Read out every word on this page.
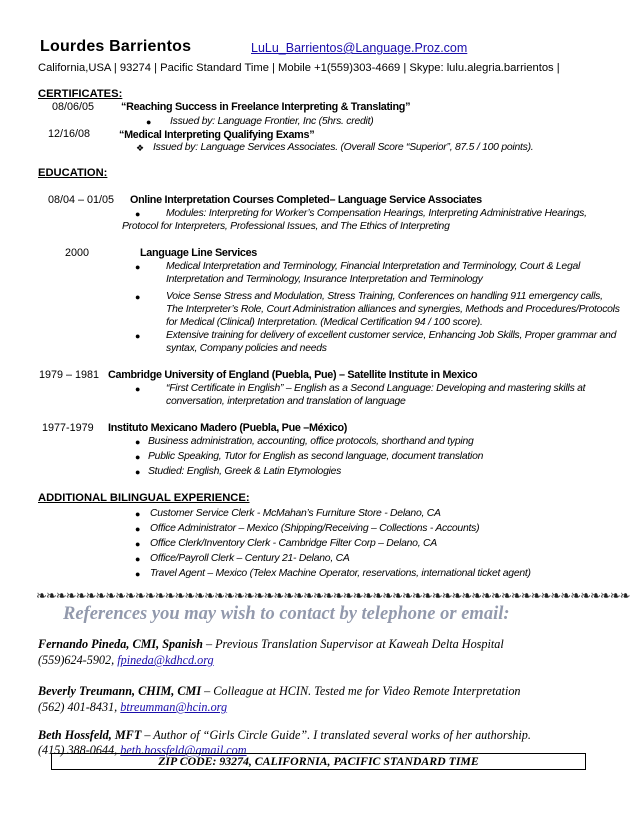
Lourdes Barrientos	LuLu_Barrientos@Language.Proz.com
California,USA | 93274 | Pacific Standard Time | Mobile +1(559)303-4669 | Skype: lulu.alegria.barrientos |
CERTIFICATES:
08/06/05 “Reaching Success in Freelance Interpreting & Translating”
● Issued by: Language Frontier, Inc (5hrs. credit)
12/16/08	“Medical Interpreting Qualifying Exams”
❖ Issued by: Language Services Associates. (Overall Score “Superior”, 87.5 / 100 points).
EDUCATION:
08/04 – 01/05 Online Interpretation Courses Completed– Language Service Associates
● Modules: Interpreting for Worker’s Compensation Hearings, Interpreting Administrative Hearings,
Protocol for Interpreters, Professional Issues, and The Ethics of Interpreting
2000	Language Line Services
● Medical Interpretation and Terminology, Financial Interpretation and Terminology, Court & Legal
Interpretation and Terminology, Insurance Interpretation and Terminology
● Voice Sense Stress and Modulation, Stress Training, Conferences on handling 911 emergency calls,
The Interpreter’s Role, Court Administration alliances and synergies, Methods and Procedures/Protocols
for Medical (Clinical) Interpretation. (Medical Certification 94 / 100 score).
● Extensive training for delivery of excellent customer service, Enhancing Job Skills, Proper grammar and
syntax, Company policies and needs
1979 – 1981 Cambridge University of England (Puebla, Pue) – Satellite Institute in Mexico
● “First Certificate in English” – English as a Second Language: Developing and mastering skills at
conversation, interpretation and translation of language
1977-1979 Instituto Mexicano Madero (Puebla, Pue –México)
● Business administration, accounting, office protocols, shorthand and typing
● Public Speaking, Tutor for English as second language, document translation
● Studied: English, Greek & Latin Etymologies
ADDITIONAL BILINGUAL EXPERIENCE:
● Customer Service Clerk - McMahan’s Furniture Store - Delano, CA
● Office Administrator – Mexico (Shipping/Receiving – Collections - Accounts)
● Office Clerk/Inventory Clerk - Cambridge Filter Corp – Delano, CA
● Office/Payroll Clerk – Century 21- Delano, CA
● Travel Agent – Mexico (Telex Machine Operator, reservations, international ticket agent)
❧❧❧❧❧❧❧❧❧❧❧❧❧❧❧❧❧❧❧❧❧❧❧❧❧❧❧❧❧❧❧❧❧❧❧❧❧❧❧❧❧❧❧❧❧❧❧❧❧❧❧❧❧❧❧❧❧❧❧❧
References you may wish to contact by telephone or email:
Fernando Pineda, CMI, Spanish – Previous Translation Supervisor at Kaweah Delta Hospital
(559)624-5902, fpineda@kdhcd.org
Beverly Treumann, CHIM, CMI – Colleague at HCIN. Tested me for Video Remote Interpretation
(562) 401-8431, btreumman@hcin.org
Beth Hossfeld, MFT – Author of “Girls Circle Guide”. I translated several works of her authorship.
(415) 388-0644, beth.hossfeld@gmail.com
ZIP CODE: 93274, CALIFORNIA, PACIFIC STANDARD TIME
